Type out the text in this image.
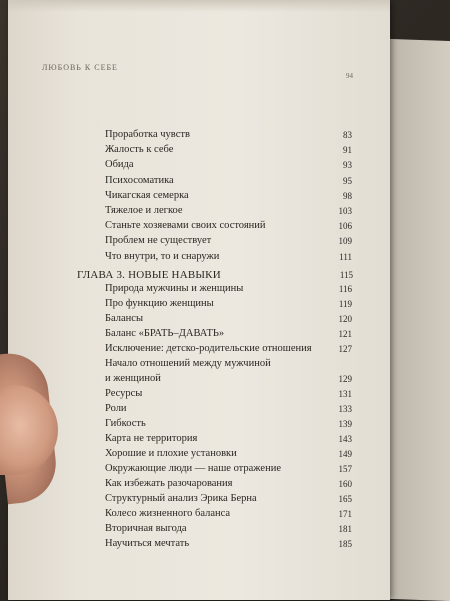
ЛЮБОВЬ К СЕБЕ
94
Проработка чувств	83
Жалость к себе	91
Обида	93
Психосоматика	95
Чикагская семерка	98
Тяжелое и легкое	103
Станьте хозяевами своих состояний	106
Проблем не существует	109
Что внутри, то и снаружи	111
ГЛАВА 3. НОВЫЕ НАВЫКИ	115
Природа мужчины и женщины	116
Про функцию женщины	119
Балансы	120
Баланс «БРАТЬ–ДАВАТЬ»	121
Исключение: детско-родительские отношения	127
Начало отношений между мужчиной
и женщиной	129
Ресурсы	131
Роли	133
Гибкость	139
Карта не территория	143
Хорошие и плохие установки	149
Окружающие люди — наше отражение	157
Как избежать разочарования	160
Структурный анализ Эрика Берна	165
Колесо жизненного баланса	171
Вторичная выгода	181
Научиться мечтать	185
